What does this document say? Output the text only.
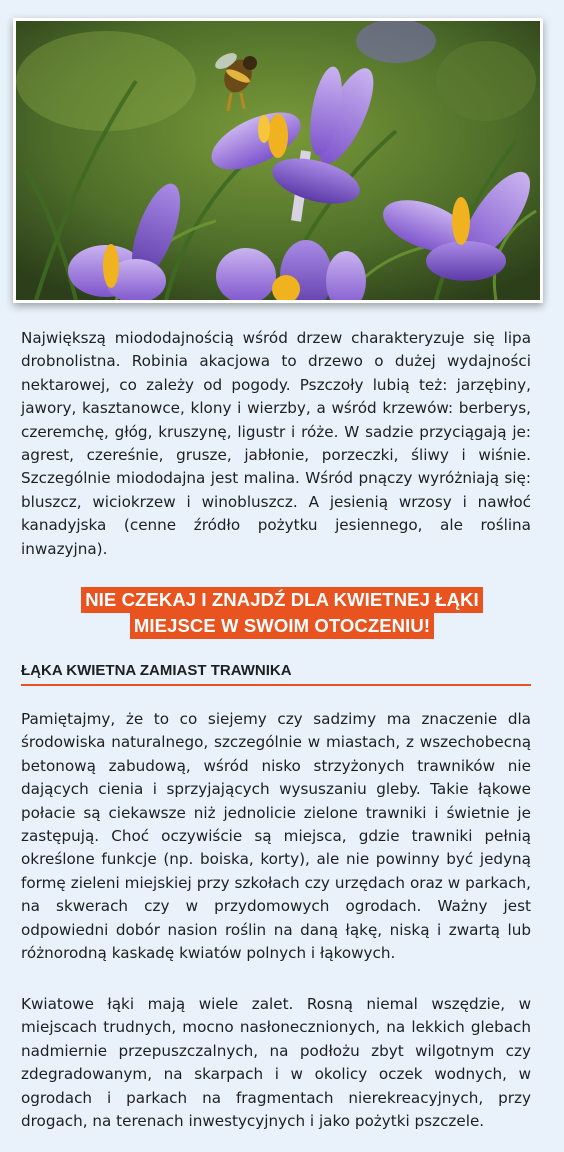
Największą miododajnością wśród drzew charakteryzuje się lipa drobnolistna. Robinia akacjowa to drzewo o dużej wydajności nektarowej, co zależy od pogody. Pszczoły lubią też: jarzębiny, jawory, kasztanowce, klony i wierzby, a wśród krzewów: berberys, czeremchę, głóg, kruszynę, ligustr i róże. W sadzie przyciągają je: agrest, czereśnie, grusze, jabłonie, porzeczki, śliwy i wiśnie. Szczególnie miododajna jest malina. Wśród pnączy wyróżniają się: bluszcz, wiciokrzew i winobluszcz. A jesienią wrzosy i nawłoć kanadyjska (cenne źródło pożytku jesiennego, ale roślina inwazyjna).

NIE CZEKAJ I ZNAJDŹ DLA KWIETNEJ ŁĄKI
MIEJSCE W SWOIM OTOCZENIU!
ŁĄKA KWIETNA ZAMIAST TRAWNIKA

Pamiętajmy, że to co siejemy czy sadzimy ma znaczenie dla środowiska naturalnego, szczególnie w miastach, z wszechobecną betonową zabudową, wśród nisko strzyżonych trawników nie dających cienia i sprzyjających wysuszaniu gleby. Takie łąkowe połacie są ciekawsze niż jednolicie zielone trawniki i świetnie je zastępują. Choć oczywiście są miejsca, gdzie trawniki pełnią określone funkcje (np. boiska, korty), ale nie powinny być jedyną formę zieleni miejskiej przy szkołach czy urzędach oraz w parkach, na skwerach czy w przydomowych ogrodach. Ważny jest odpowiedni dobór nasion roślin na daną łąkę, niską i zwartą lub różnorodną kaskadę kwiatów polnych i łąkowych.

Kwiatowe łąki mają wiele zalet. Rosną niemal wszędzie, w miejscach trudnych, mocno nasłonecznionych, na lekkich glebach nadmiernie przepuszczalnych, na podłożu zbyt wilgotnym czy zdegradowanym, na skarpach i w okolicy oczek wodnych, w ogrodach i parkach na fragmentach nierekreacyjnych, przy drogach, na terenach inwestycyjnych i jako pożytki pszczele.
